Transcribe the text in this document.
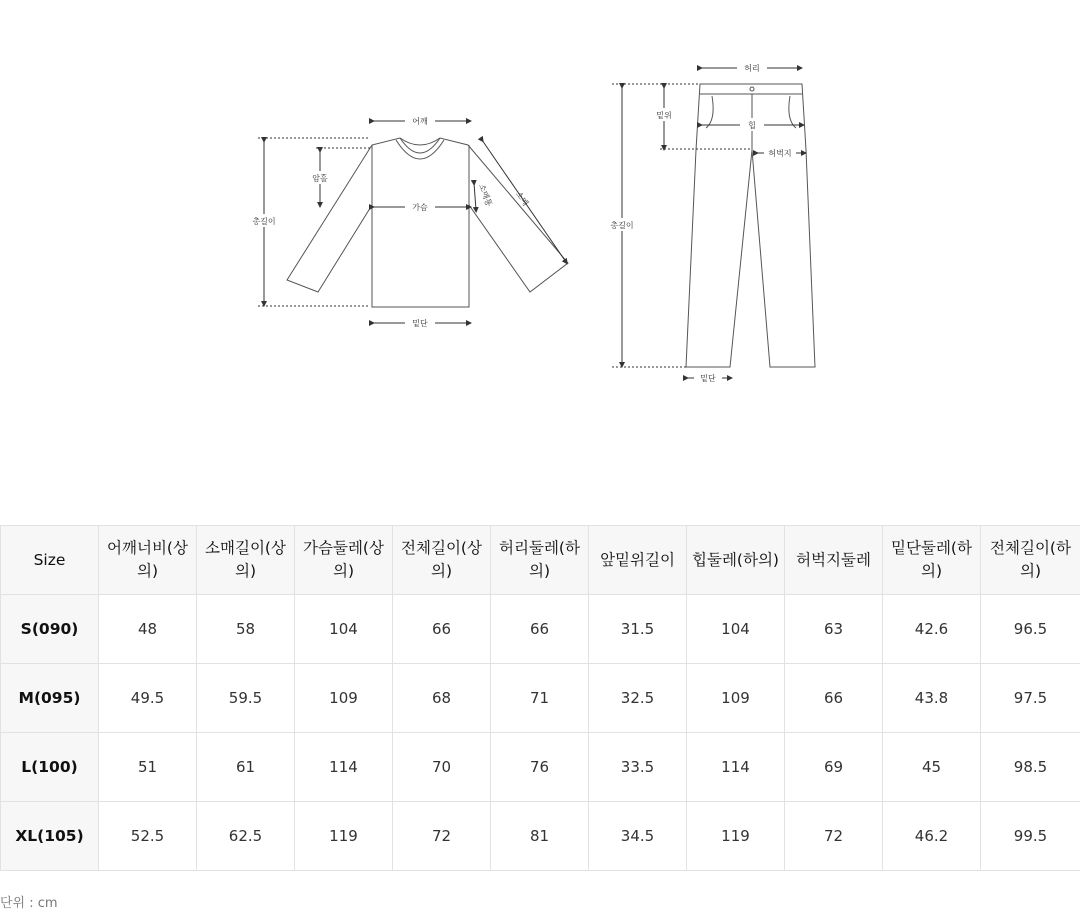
어깨
암홀
가슴
밑단
총길이
소매
소매통
허리
밑위
힙
허벅지
밑단
총길이
Size	어깨너비(상의)	소매길이(상의)	가슴둘레(상의)	전체길이(상의)	허리둘레(하의)	앞밑위길이	힙둘레(하의)	허벅지둘레	밑단둘레(하의)	전체길이(하의)
S(090)	48	58	104	66	66	31.5	104	63	42.6	96.5
M(095)	49.5	59.5	109	68	71	32.5	109	66	43.8	97.5
L(100)	51	61	114	70	76	33.5	114	69	45	98.5
XL(105)	52.5	62.5	119	72	81	34.5	119	72	46.2	99.5
단위 : cm
